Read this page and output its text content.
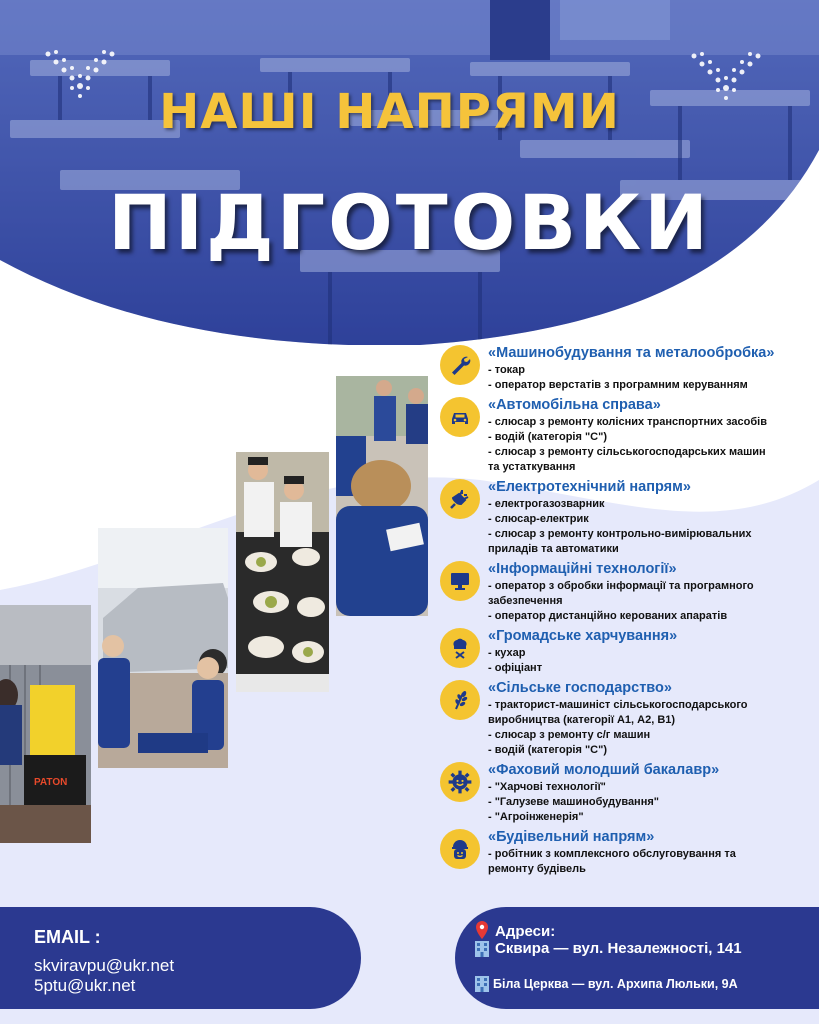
НАШІ НАПРЯМИ
ПІДГОТОВКИ
PATON
«Машинобудування та металообробка»
- токар
- оператор верстатів з програмним керуванням
«Автомобільна справа»
- слюсар з ремонту колісних транспортних засобів
- водій (категорія "С")
- слюсар з ремонту сільськогосподарських машин
та устаткування
«Електротехнічний напрям»
- електрогазозварник
- слюсар-електрик
- слюсар з ремонту контрольно-вимірювальних
приладів та автоматики
«Інформаційні технології»
- оператор з обробки інформації та програмного
забезпечення
- оператор дистанційно керованих апаратів
«Громадське харчування»
- кухар
- офіціант
«Сільське господарство»
- тракторист-машиніст сільськогосподарського
виробництва (категорії А1, А2, В1)
- слюсар з ремонту с/г машин
- водій (категорія "С")
«Фаховий молодший бакалавр»
- "Харчові технології"
- "Галузеве машинобудування"
- "Агроінженерія"
«Будівельний напрям»
- робітник з комплексного обслуговування та
ремонту будівель
EMAIL :
skviravpu@ukr.net
5ptu@ukr.net
Адреси:
Сквира — вул. Незалежності, 141
Біла Церква — вул. Архипа Люльки, 9А
